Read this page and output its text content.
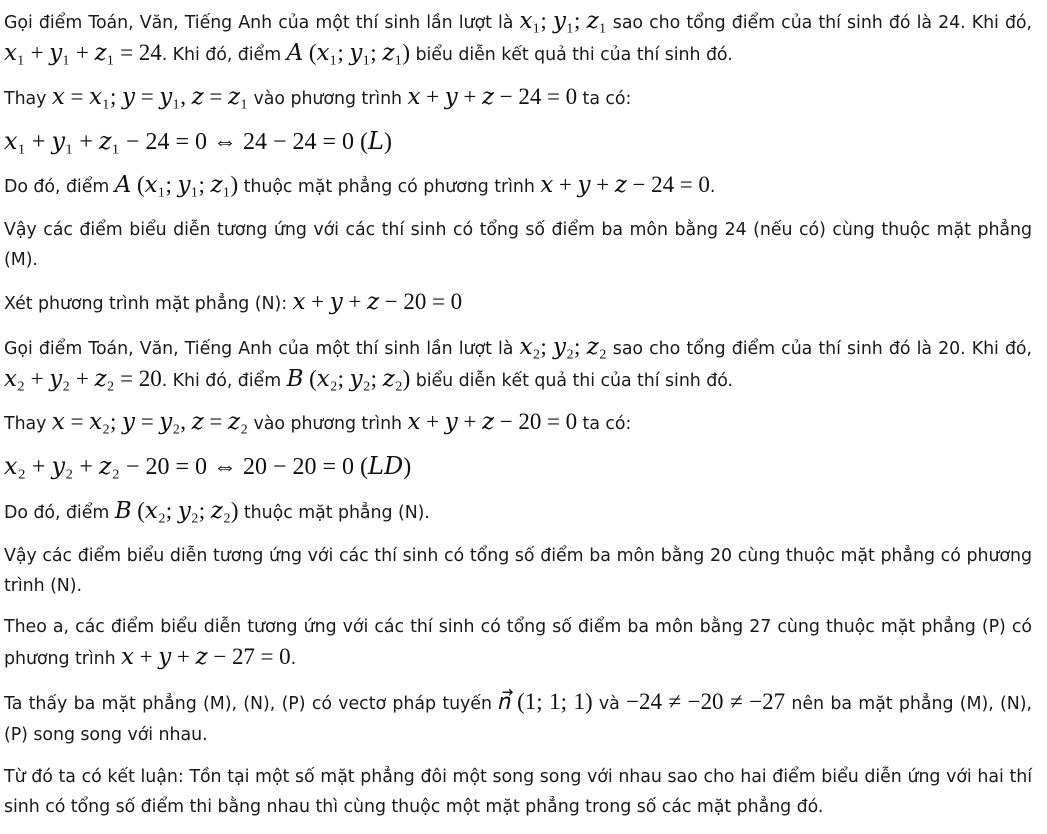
Gọi điểm Toán, Văn, Tiếng Anh của một thí sinh lần lượt là 𝑥₁; 𝑦₁; 𝑧₁ sao cho tổng điểm của thí sinh đó là 24. Khi đó, 𝑥₁ + 𝑦₁ + 𝑧₁ = 24. Khi đó, điểm 𝐴 (𝑥₁; 𝑦₁; 𝑧₁) biểu diễn kết quả thi của thí sinh đó.

Thay 𝑥 = 𝑥₁; 𝑦 = 𝑦₁, 𝑧 = 𝑧₁ vào phương trình 𝑥 + 𝑦 + 𝑧 − 24 = 0 ta có:

𝑥₁ + 𝑦₁ + 𝑧₁ − 24 = 0 ⇔ 24 − 24 = 0 (𝐿)

Do đó, điểm 𝐴 (𝑥₁; 𝑦₁; 𝑧₁) thuộc mặt phẳng có phương trình 𝑥 + 𝑦 + 𝑧 − 24 = 0.

Vậy các điểm biểu diễn tương ứng với các thí sinh có tổng số điểm ba môn bằng 24 (nếu có) cùng thuộc mặt phẳng (M).

Xét phương trình mặt phẳng (N): 𝑥 + 𝑦 + 𝑧 − 20 = 0

Gọi điểm Toán, Văn, Tiếng Anh của một thí sinh lần lượt là 𝑥₂; 𝑦₂; 𝑧₂ sao cho tổng điểm của thí sinh đó là 20. Khi đó, 𝑥₂ + 𝑦₂ + 𝑧₂ = 20. Khi đó, điểm 𝐵 (𝑥₂; 𝑦₂; 𝑧₂) biểu diễn kết quả thi của thí sinh đó.

Thay 𝑥 = 𝑥₂; 𝑦 = 𝑦₂, 𝑧 = 𝑧₂ vào phương trình 𝑥 + 𝑦 + 𝑧 − 20 = 0 ta có:

𝑥₂ + 𝑦₂ + 𝑧₂ − 20 = 0 ⇔ 20 − 20 = 0 (𝐿𝐷)

Do đó, điểm 𝐵 (𝑥₂; 𝑦₂; 𝑧₂) thuộc mặt phẳng (N).

Vậy các điểm biểu diễn tương ứng với các thí sinh có tổng số điểm ba môn bằng 20 cùng thuộc mặt phẳng có phương trình (N).

Theo a, các điểm biểu diễn tương ứng với các thí sinh có tổng số điểm ba môn bằng 27 cùng thuộc mặt phẳng (P) có phương trình 𝑥 + 𝑦 + 𝑧 − 27 = 0.

Ta thấy ba mặt phẳng (M), (N), (P) có vectơ pháp tuyến 𝑛⃗ (1; 1; 1) và −24 ≠ −20 ≠ −27 nên ba mặt phẳng (M), (N), (P) song song với nhau.

Từ đó ta có kết luận: Tồn tại một số mặt phẳng đôi một song song với nhau sao cho hai điểm biểu diễn ứng với hai thí sinh có tổng số điểm thi bằng nhau thì cùng thuộc một mặt phẳng trong số các mặt phẳng đó.
